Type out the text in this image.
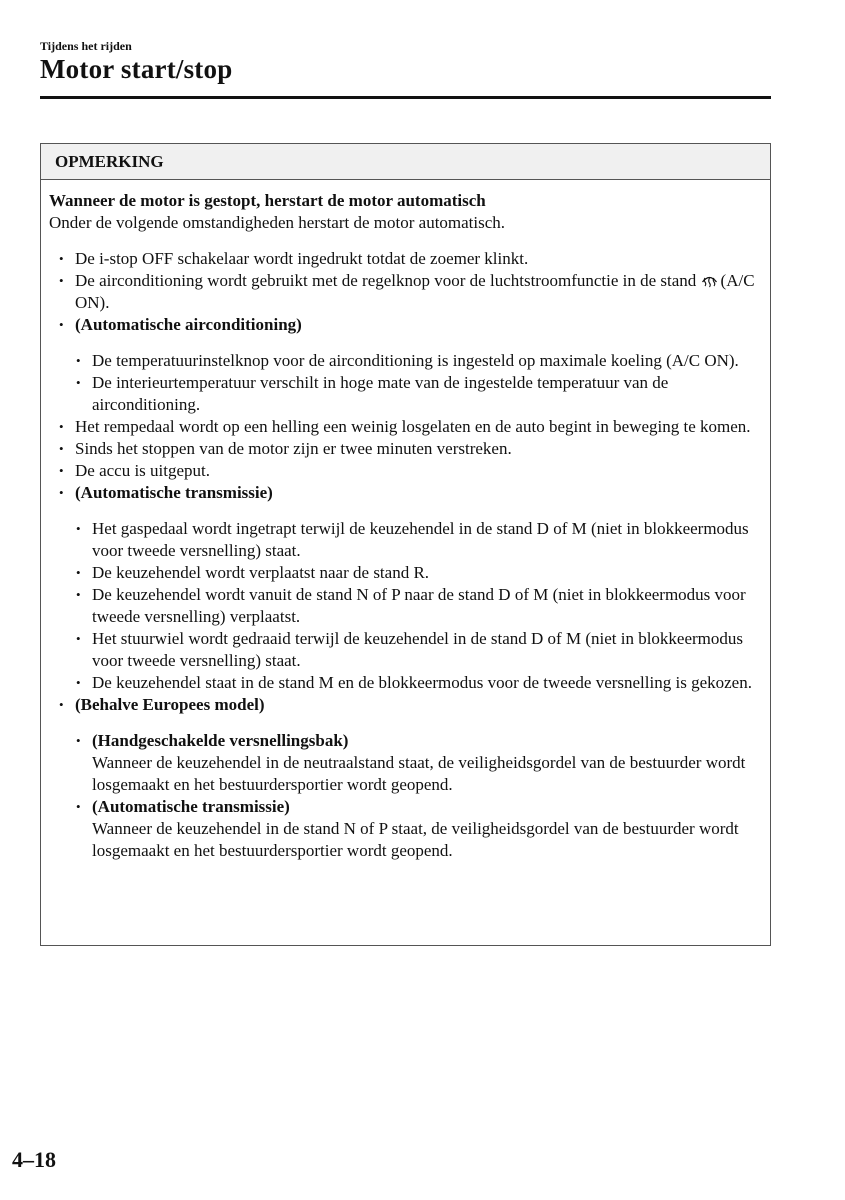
Tijdens het rijden
Motor start/stop
OPMERKING

Wanneer de motor is gestopt, herstart de motor automatisch

Onder de volgende omstandigheden herstart de motor automatisch.

• De i-stop OFF schakelaar wordt ingedrukt totdat de zoemer klinkt.
• De airconditioning wordt gebruikt met de regelknop voor de luchtstroomfunctie in de stand (A/C ON).
• (Automatische airconditioning)
• De temperatuurinstelknop voor de airconditioning is ingesteld op maximale koeling (A/C ON).
• De interieurtemperatuur verschilt in hoge mate van de ingestelde temperatuur van de airconditioning.
• Het rempedaal wordt op een helling een weinig losgelaten en de auto begint in beweging te komen.
• Sinds het stoppen van de motor zijn er twee minuten verstreken.
• De accu is uitgeput.
• (Automatische transmissie)
• Het gaspedaal wordt ingetrapt terwijl de keuzehendel in de stand D of M (niet in blokkeermodus voor tweede versnelling) staat.
• De keuzehendel wordt verplaatst naar de stand R.
• De keuzehendel wordt vanuit de stand N of P naar de stand D of M (niet in blokkeermodus voor tweede versnelling) verplaatst.
• Het stuurwiel wordt gedraaid terwijl de keuzehendel in de stand D of M (niet in blokkeermodus voor tweede versnelling) staat.
• De keuzehendel staat in de stand M en de blokkeermodus voor de tweede versnelling is gekozen.
• (Behalve Europees model)
• (Handgeschakelde versnellingsbak)
Wanneer de keuzehendel in de neutraalstand staat, de veiligheidsgordel van de bestuurder wordt losgemaakt en het bestuurdersportier wordt geopend.
• (Automatische transmissie)
Wanneer de keuzehendel in de stand N of P staat, de veiligheidsgordel van de bestuurder wordt losgemaakt en het bestuurdersportier wordt geopend.
4–18
